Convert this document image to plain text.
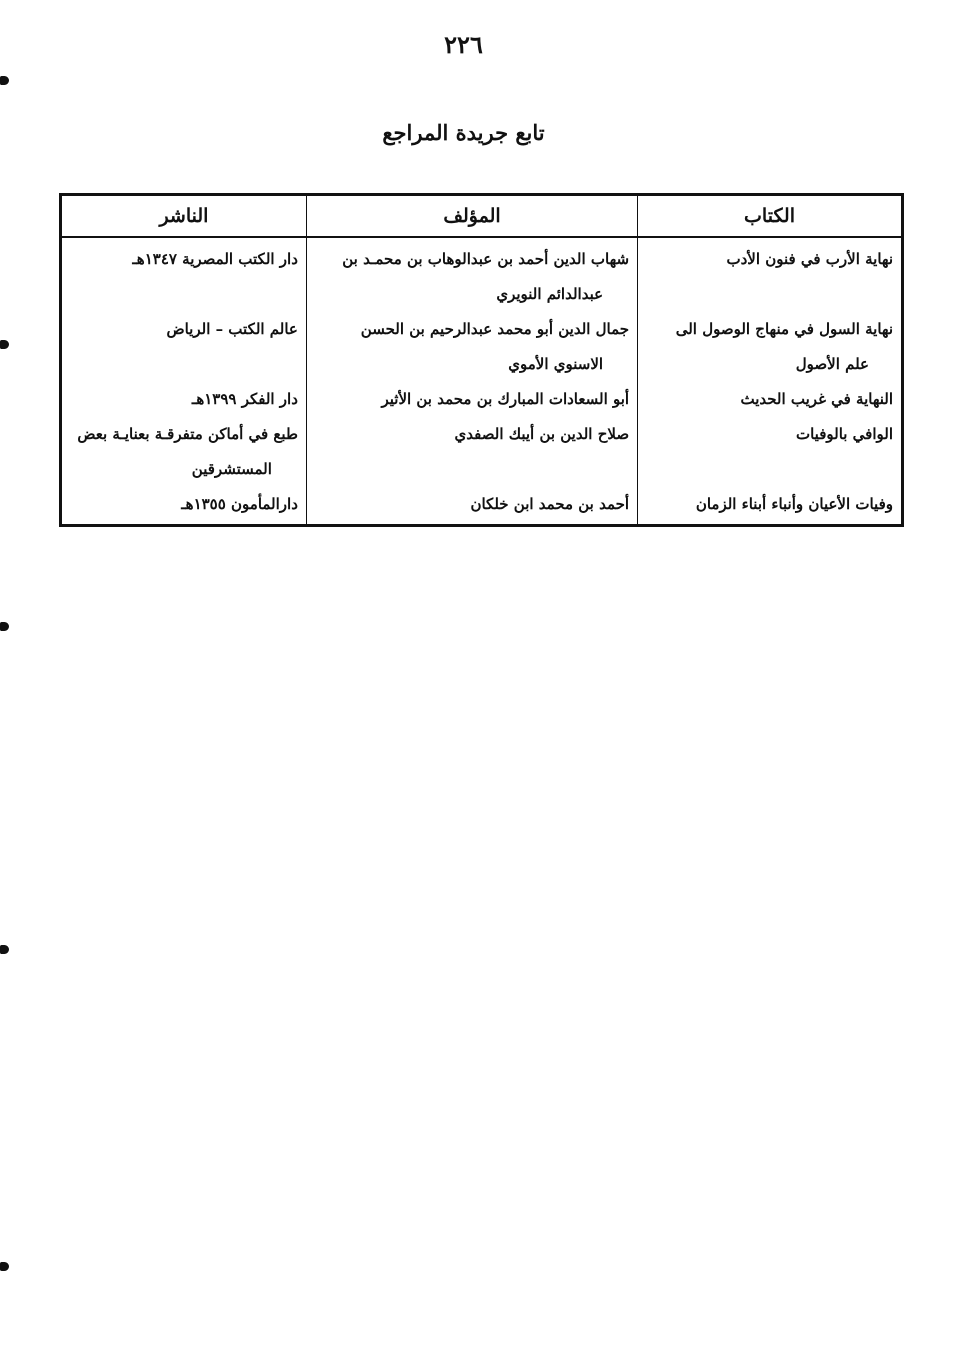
٢٢٦
تابع جريدة المراجع
الكتاب	المؤلف	الناشر
نهاية الأرب في فنون الأدب	شهاب الدين أحمد بن عبدالوهاب بن محمـد بن	دار الكتب المصرية ١٣٤٧هـ

	عبدالدائم النويري	

نهاية السول في منهاج الوصول الى	جمال الدين أبو محمد عبدالرحيم بن الحسن	عالم الكتب – الرياض

علم الأصول	الاسنوي الأموي	

النهاية في غريب الحديث	أبو السعادات المبارك بن محمد بن الأثير	دار الفكر ١٣٩٩هـ
الوافي بالوفيات	صلاح الدين بن أيبك الصفدي	طبع في أماكن متفرقـة بعنايـة بعض

		المستشرقين

وفيات الأعيان وأنباء أبناء الزمان	أحمد بن محمد ابن خلكان	دارالمأمون ١٣٥٥هـ
